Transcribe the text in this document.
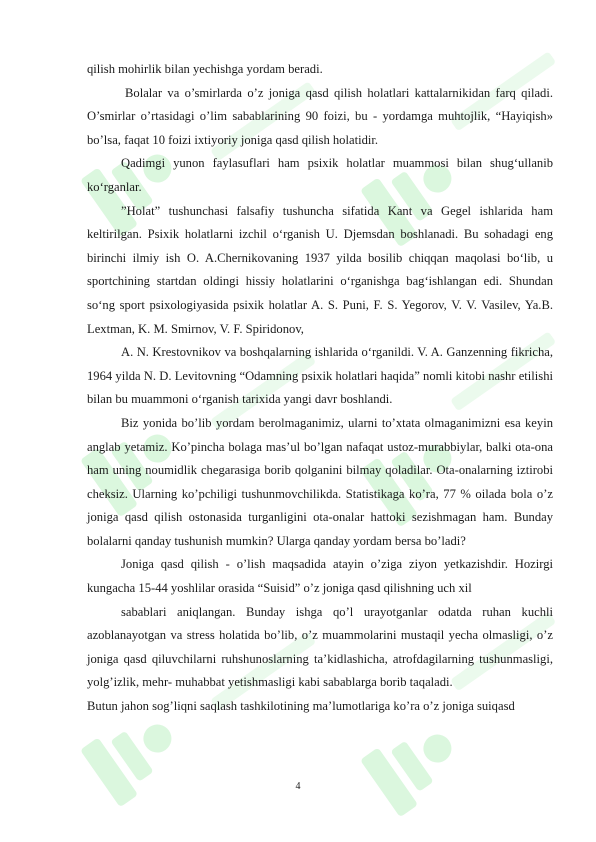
qilish mohirlik bilan yechishga yordam beradi.

Bolalar va o’smirlarda o’z joniga qasd qilish holatlari kattalarnikidan farq qiladi. O’smirlar o’rtasidagi o’lim sabablarining 90 foizi, bu - yordamga muhtojlik, “Hayiqish» bo’lsa, faqat 10 foizi ixtiyoriy joniga qasd qilish holatidir.

Qadimgi yunon faylasuflari ham psixik holatlar muammosi bilan shug‘ullanib ko‘rganlar.

”Holat” tushunchasi falsafiy tushuncha sifatida Kant va Gegel ishlarida ham keltirilgan. Psixik holatlarni izchil o‘rganish U. Djemsdan boshlanadi. Bu sohadagi eng birinchi ilmiy ish O. A.Chernikovaning 1937 yilda bosilib chiqqan maqolasi bo‘lib, u sportchining startdan oldingi hissiy holatlarini o‘rganishga bag‘ishlangan edi. Shundan so‘ng sport psixologiyasida psixik holatlar A. S. Puni, F. S. Yegorov, V. V. Vasilev, Ya.B. Lextman, K. M. Smirnov, V. F. Spiridonov,

A. N. Krestovnikov va boshqalarning ishlarida o‘rganildi. V. A. Ganzenning fikricha, 1964 yilda N. D. Levitovning “Odamning psixik holatlari haqida” nomli kitobi nashr etilishi bilan bu muammoni o‘rganish tarixida yangi davr boshlandi.

Biz yonida bo’lib yordam berolmaganimiz, ularni to’xtata olmaganimizni esa keyin anglab yetamiz. Ko’pincha bolaga mas’ul bo’lgan nafaqat ustoz-murabbiylar, balki ota-ona ham uning noumidlik chegarasiga borib qolganini bilmay qoladilar. Ota-onalarning iztirobi cheksiz. Ularning ko’pchiligi tushunmovchilikda. Statistikaga ko’ra, 77 % oilada bola o’z joniga qasd qilish ostonasida turganligini ota-onalar hattoki sezishmagan ham. Bunday bolalarni qanday tushunish mumkin? Ularga qanday yordam bersa bo’ladi?

Joniga qasd qilish - o’lish maqsadida atayin o’ziga ziyon yetkazishdir. Hozirgi kungacha 15-44 yoshlilar orasida “Suisid” o’z joniga qasd qilishning uch xil

sabablari aniqlangan. Bunday ishga qo’l urayotganlar odatda ruhan kuchli azoblanayotgan va stress holatida bo’lib, o’z muammolarini mustaqil yecha olmasligi, o’z joniga qasd qiluvchilarni ruhshunoslarning ta’kidlashicha, atrofdagilarning tushunmasligi, yolg’izlik, mehr- muhabbat yetishmasligi kabi sabablarga borib taqaladi.

Butun jahon sog’liqni saqlash tashkilotining ma’lumotlariga ko’ra o’z joniga suiqasd

4
